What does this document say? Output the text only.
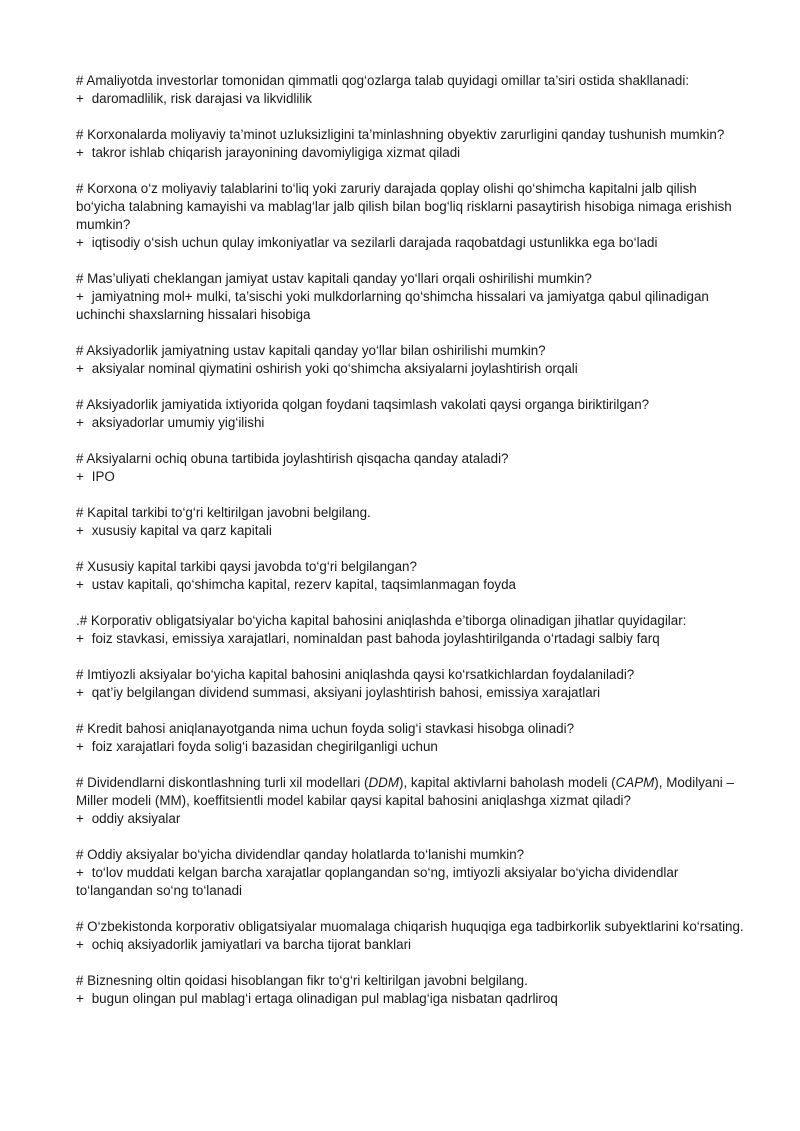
# Amaliyotda investorlar tomonidan qimmatli qog‘ozlarga talab quyidagi omillar ta’siri ostida shakllanadi:

+ daromadlilik, risk darajasi va likvidlilik

# Korxonalarda moliyaviy ta’minot uzluksizligini ta’minlashning obyektiv zarurligini qanday tushunish mumkin?

+ takror ishlab chiqarish jarayonining davomiyligiga xizmat qiladi

# Korxona o‘z moliyaviy talablarini to‘liq yoki zaruriy darajada qoplay olishi qo‘shimcha kapitalni jalb qilish bo‘yicha talabning kamayishi va mablag‘lar jalb qilish bilan bog‘liq risklarni pasaytirish hisobiga nimaga erishish mumkin?

+ iqtisodiy o‘sish uchun qulay imkoniyatlar va sezilarli darajada raqobatdagi ustunlikka ega bo‘ladi

# Mas’uliyati cheklangan jamiyat ustav kapitali qanday yo‘llari orqali oshirilishi mumkin?

+ jamiyatning mol+ mulki, ta’sischi yoki mulkdorlarning qo‘shimcha hissalari va jamiyatga qabul qilinadigan uchinchi shaxslarning hissalari hisobiga

# Aksiyadorlik jamiyatning ustav kapitali qanday yo‘llar bilan oshirilishi mumkin?

+ aksiyalar nominal qiymatini oshirish yoki qo‘shimcha aksiyalarni joylashtirish orqali

# Aksiyadorlik jamiyatida ixtiyorida qolgan foydani taqsimlash vakolati qaysi organga biriktirilgan?

+ aksiyadorlar umumiy yig‘ilishi

# Aksiyalarni ochiq obuna tartibida joylashtirish qisqacha qanday ataladi?

+ IPO

# Kapital tarkibi to‘g‘ri keltirilgan javobni belgilang.

+ xususiy kapital va qarz kapitali

# Xususiy kapital tarkibi qaysi javobda to‘g‘ri belgilangan?

+ ustav kapitali, qo‘shimcha kapital, rezerv kapital, taqsimlanmagan foyda

.# Korporativ obligatsiyalar bo‘yicha kapital bahosini aniqlashda e’tiborga olinadigan jihatlar quyidagilar:

+ foiz stavkasi, emissiya xarajatlari, nominaldan past bahoda joylashtirilganda o‘rtadagi salbiy farq

# Imtiyozli aksiyalar bo‘yicha kapital bahosini aniqlashda qaysi ko‘rsatkichlardan foydalaniladi?

+ qat’iy belgilangan dividend summasi, aksiyani joylashtirish bahosi, emissiya xarajatlari

# Kredit bahosi aniqlanayotganda nima uchun foyda solig‘i stavkasi hisobga olinadi?

+ foiz xarajatlari foyda solig‘i bazasidan chegirilganligi uchun

# Dividendlarni diskontlashning turli xil modellari (DDM), kapital aktivlarni baholash modeli (CAPM), Modilyani – Miller modeli (MM), koeffitsientli model kabilar qaysi kapital bahosini aniqlashga xizmat qiladi?

+ oddiy aksiyalar

# Oddiy aksiyalar bo‘yicha dividendlar qanday holatlarda to‘lanishi mumkin?

+ to‘lov muddati kelgan barcha xarajatlar qoplangandan so‘ng, imtiyozli aksiyalar bo‘yicha dividendlar to‘langandan so‘ng to‘lanadi

# O‘zbekistonda korporativ obligatsiyalar muomalaga chiqarish huquqiga ega tadbirkorlik subyektlarini ko‘rsating.

+ ochiq aksiyadorlik jamiyatlari va barcha tijorat banklari

# Biznesning oltin qoidasi hisoblangan fikr to‘g‘ri keltirilgan javobni belgilang.

+ bugun olingan pul mablag‘i ertaga olinadigan pul mablag‘iga nisbatan qadrliroq
